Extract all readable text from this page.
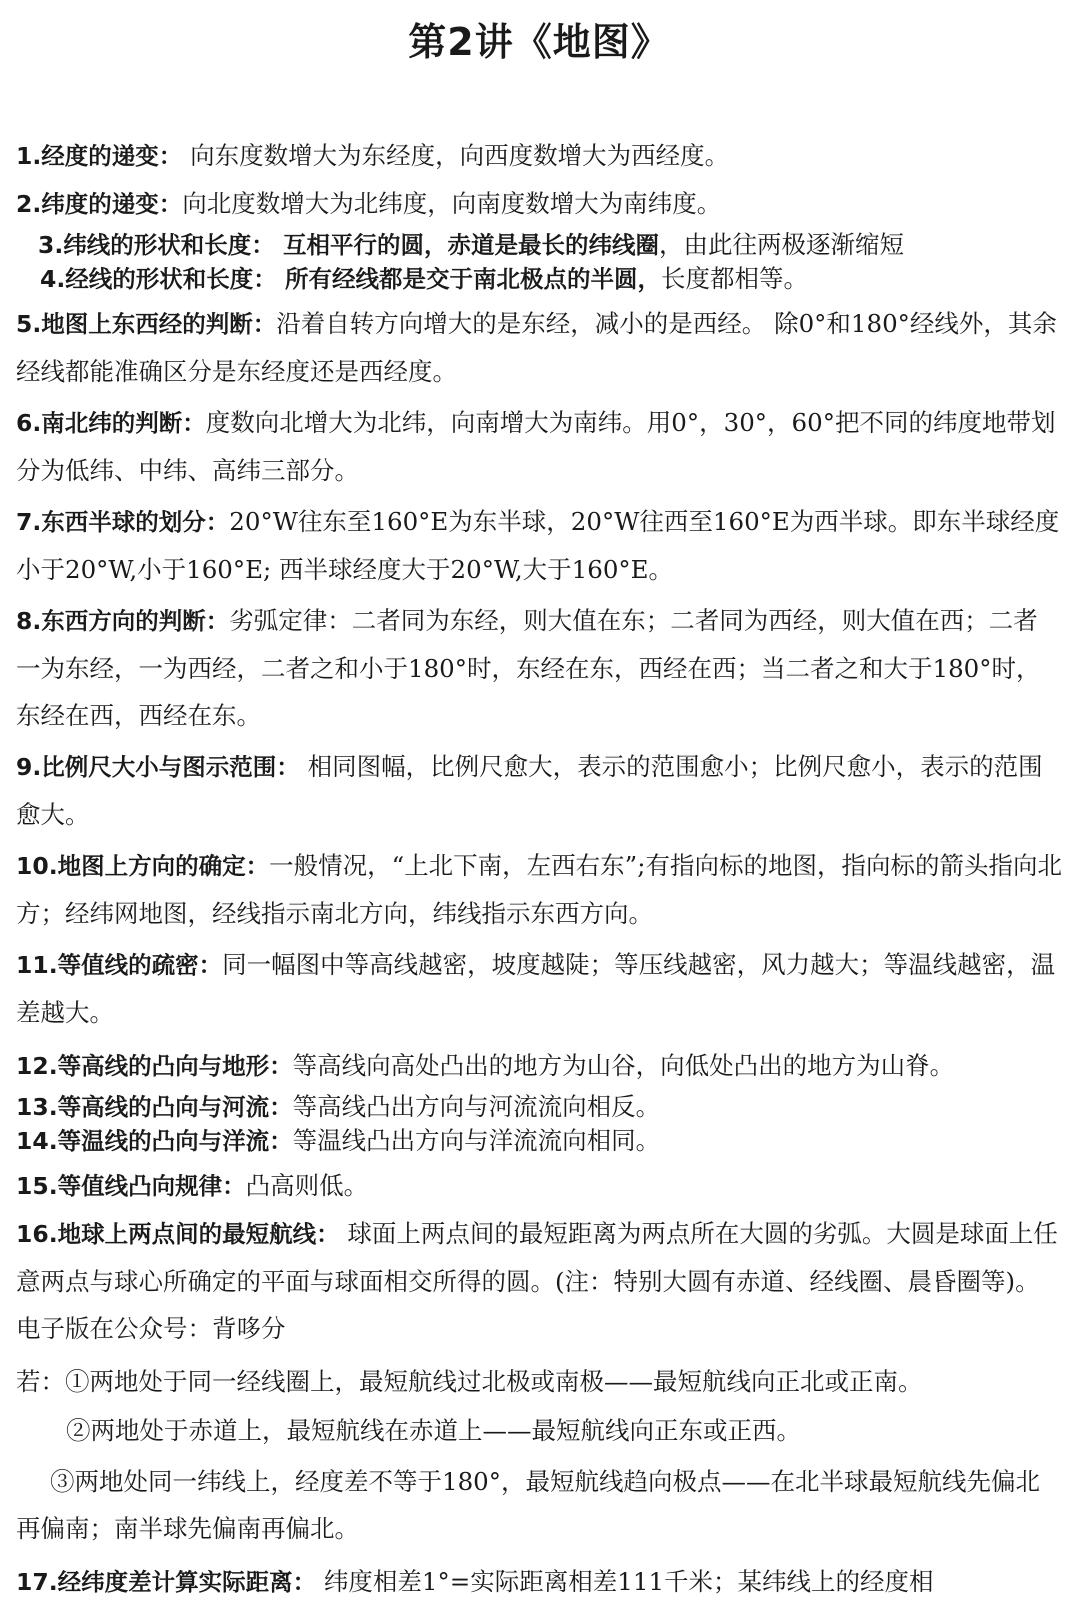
第2讲《地图》

1.经度的递变： 向东度数增大为东经度，向西度数增大为西经度。

2.纬度的递变：向北度数增大为北纬度，向南度数增大为南纬度。

3.纬线的形状和长度： 互相平行的圆，赤道是最长的纬线圈，由此往两极逐渐缩短

4.经线的形状和长度： 所有经线都是交于南北极点的半圆，长度都相等。

5.地图上东西经的判断：沿着自转方向增大的是东经，减小的是西经。 除0°和180°经线外，其余经线都能准确区分是东经度还是西经度。

6.南北纬的判断：度数向北增大为北纬，向南增大为南纬。用0°，30°，60°把不同的纬度地带划分为低纬、中纬、高纬三部分。

7.东西半球的划分：20°W往东至160°E为东半球，20°W往西至160°E为西半球。即东半球经度小于20°W,小于160°E; 西半球经度大于20°W,大于160°E。

8.东西方向的判断：劣弧定律：二者同为东经，则大值在东；二者同为西经，则大值在西；二者一为东经，一为西经，二者之和小于180°时，东经在东，西经在西；当二者之和大于180°时，东经在西，西经在东。

9.比例尺大小与图示范围： 相同图幅，比例尺愈大，表示的范围愈小；比例尺愈小，表示的范围愈大。

10.地图上方向的确定：一般情况，“上北下南，左西右东”;有指向标的地图，指向标的箭头指向北方；经纬网地图，经线指示南北方向，纬线指示东西方向。

11.等值线的疏密：同一幅图中等高线越密，坡度越陡；等压线越密，风力越大；等温线越密，温差越大。

12.等高线的凸向与地形：等高线向高处凸出的地方为山谷，向低处凸出的地方为山脊。

13.等高线的凸向与河流：等高线凸出方向与河流流向相反。

14.等温线的凸向与洋流：等温线凸出方向与洋流流向相同。

15.等值线凸向规律：凸高则低。

16.地球上两点间的最短航线： 球面上两点间的最短距离为两点所在大圆的劣弧。大圆是球面上任意两点与球心所确定的平面与球面相交所得的圆。(注：特别大圆有赤道、经线圈、晨昏圈等)。电子版在公众号：背哆分

若：①两地处于同一经线圈上，最短航线过北极或南极——最短航线向正北或正南。

②两地处于赤道上，最短航线在赤道上——最短航线向正东或正西。

③两地处同一纬线上，经度差不等于180°，最短航线趋向极点——在北半球最短航线先偏北再偏南；南半球先偏南再偏北。

17.经纬度差计算实际距离： 纬度相差1°=实际距离相差111千米；某纬线上的经度相
